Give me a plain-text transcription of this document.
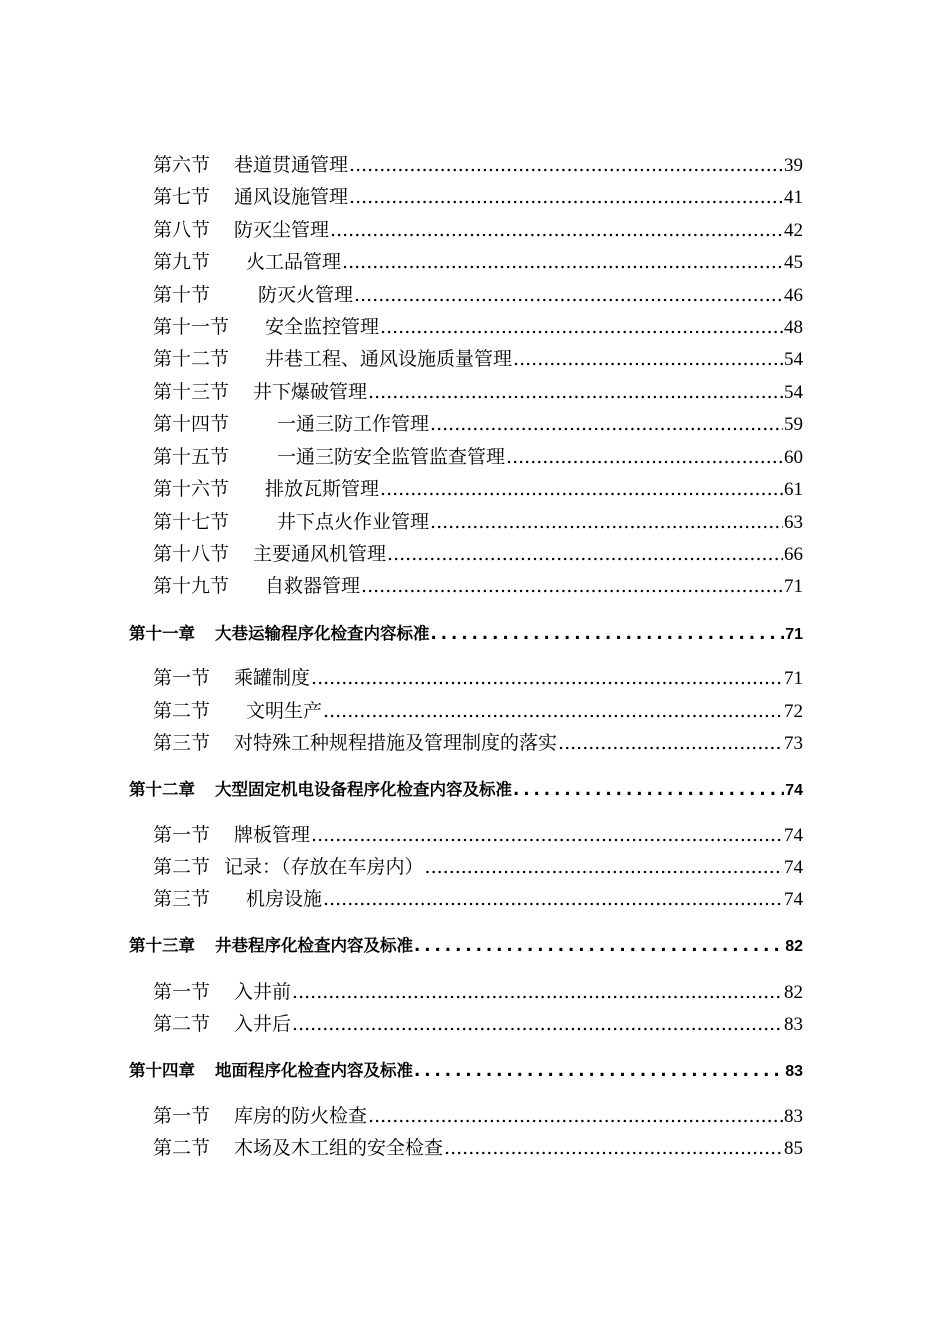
第六节 巷道贯通管理 .....	39
第七节 通风设施管理 .....	41
第八节 防灭尘管理 .....	42
第九节 火工品管理 .....	45
第十节	防灭火管理 .....	46
第十一节 安全监控管理 .....	48
第十二节 井巷工程、通风设施质量管理 .....	54
第十三节 井下爆破管理 .....	54
第十四节	一通三防工作管理 .....	59
第十五节	一通三防安全监管监查管理 .....	60
第十六节 排放瓦斯管理 .....	61
第十七节	井下点火作业管理 .....	63
第十八节 主要通风机管理 .....	66
第十九节 自救器管理 .....	71
第十一章 大巷运输程序化检查内容标准 .....	71
第一节 乘罐制度 .....	71
第二节 文明生产 .....	72
第三节 对特殊工种规程措施及管理制度的落实 .....	73
第十二章 大型固定机电设备程序化检查内容及标准 .....	74
第一节 牌板管理 .....	74
第二节 记录：（存放在车房内） .....	74
第三节 机房设施 .....	74
第十三章 井巷程序化检查内容及标准 .....	82
第一节 入井前 .....	82
第二节 入井后 .....	83
第十四章 地面程序化检查内容及标准 .....	83
第一节 库房的防火检查 .....	83
第二节 木场及木工组的安全检查 .....	85
